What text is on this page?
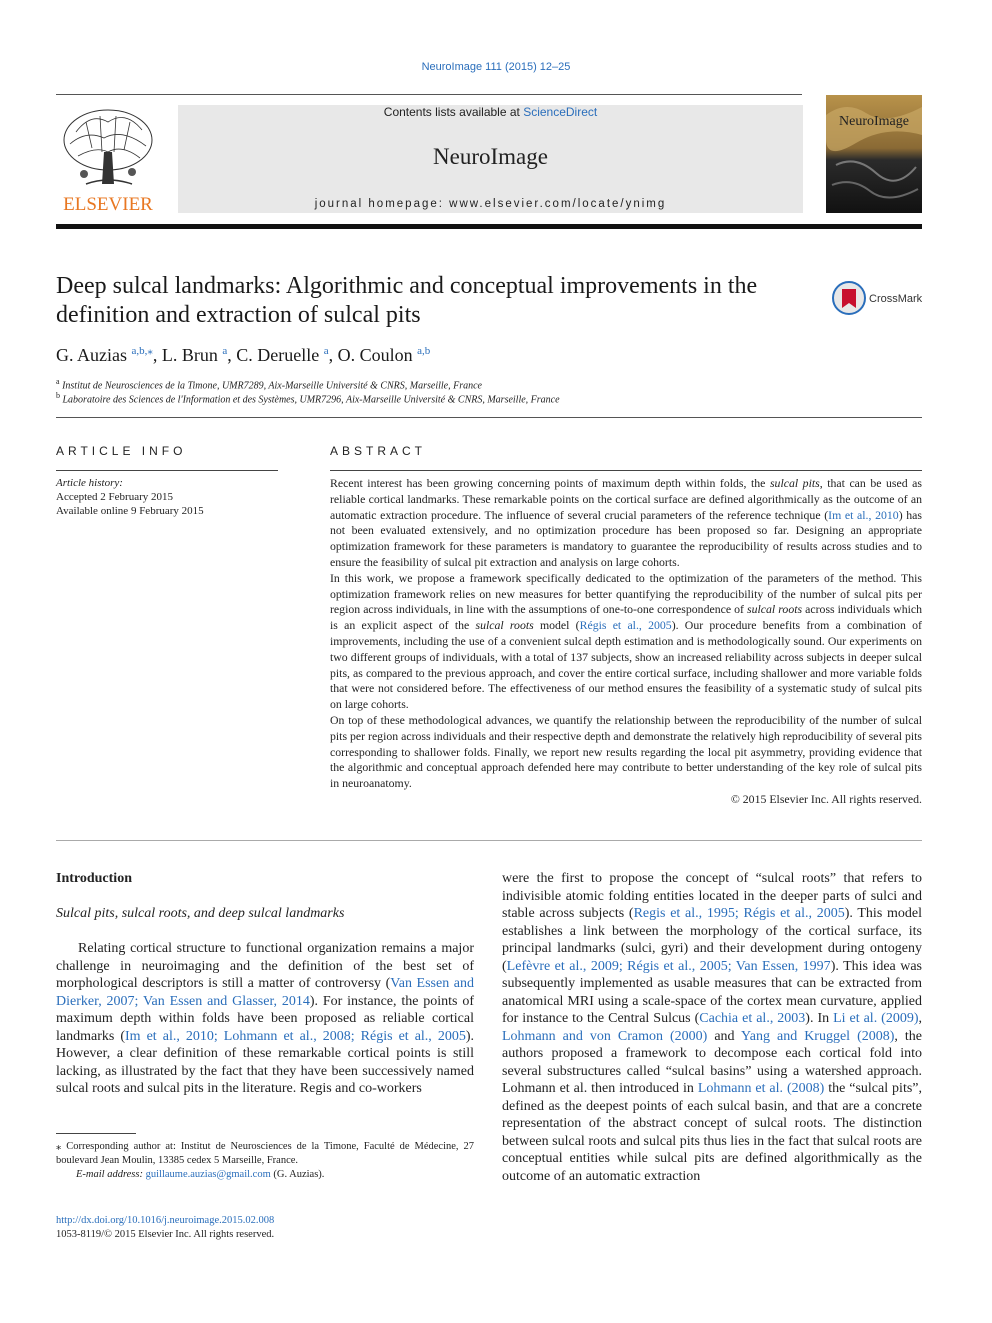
NeuroImage 111 (2015) 12–25
ELSEVIER
Contents lists available at ScienceDirect
NeuroImage
journal homepage: www.elsevier.com/locate/ynimg
NeuroImage
Deep sulcal landmarks: Algorithmic and conceptual improvements in the definition and extraction of sulcal pits
CrossMark
G. Auzias $^{a,b,⁎}$, L. Brun $^a$, C. Deruelle $^a$, O. Coulon $^{a,b}$
$^a$ Institut de Neurosciences de la Timone, UMR7289, Aix-Marseille Université & CNRS, Marseille, France
$^b$ Laboratoire des Sciences de l'Information et des Systèmes, UMR7296, Aix-Marseille Université & CNRS, Marseille, France
ARTICLE INFO	ABSTRACT
Article history:
Accepted 2 February 2015
Available online 9 February 2015

Recent interest has been growing concerning points of maximum depth within folds, the sulcal pits, that can be used as reliable cortical landmarks. These remarkable points on the cortical surface are defined algorithmically as the outcome of an automatic extraction procedure. The influence of several crucial parameters of the reference technique (Im et al., 2010) has not been evaluated extensively, and no optimization procedure has been proposed so far. Designing an appropriate optimization framework for these parameters is mandatory to guarantee the reproducibility of results across studies and to ensure the feasibility of sulcal pit extraction and analysis on large cohorts.

In this work, we propose a framework specifically dedicated to the optimization of the parameters of the method. This optimization framework relies on new measures for better quantifying the reproducibility of the number of sulcal pits per region across individuals, in line with the assumptions of one-to-one correspondence of sulcal roots across individuals which is an explicit aspect of the sulcal roots model (Régis et al., 2005). Our procedure benefits from a combination of improvements, including the use of a convenient sulcal depth estimation and is methodologically sound. Our experiments on two different groups of individuals, with a total of 137 subjects, show an increased reliability across subjects in deeper sulcal pits, as compared to the previous approach, and cover the entire cortical surface, including shallower and more variable folds that were not considered before. The effectiveness of our method ensures the feasibility of a systematic study of sulcal pits on large cohorts.

On top of these methodological advances, we quantify the relationship between the reproducibility of the number of sulcal pits per region across individuals and their respective depth and demonstrate the relatively high reproducibility of several pits corresponding to shallower folds. Finally, we report new results regarding the local pit asymmetry, providing evidence that the algorithmic and conceptual approach defended here may contribute to better understanding of the key role of sulcal pits in neuroanatomy.

© 2015 Elsevier Inc. All rights reserved.

Introduction

Sulcal pits, sulcal roots, and deep sulcal landmarks

Relating cortical structure to functional organization remains a major challenge in neuroimaging and the definition of the best set of morphological descriptors is still a matter of controversy (Van Essen and Dierker, 2007; Van Essen and Glasser, 2014). For instance, the points of maximum depth within folds have been proposed as reliable cortical landmarks (Im et al., 2010; Lohmann et al., 2008; Régis et al., 2005). However, a clear definition of these remarkable cortical points is still lacking, as illustrated by the fact that they have been successively named sulcal roots and sulcal pits in the literature. Regis and co-workers

were the first to propose the concept of “sulcal roots” that refers to indivisible atomic folding entities located in the deeper parts of sulci and stable across subjects (Regis et al., 1995; Régis et al., 2005). This model establishes a link between the morphology of the cortical surface, its principal landmarks (sulci, gyri) and their development during ontogeny (Lefèvre et al., 2009; Régis et al., 2005; Van Essen, 1997). This idea was subsequently implemented as usable measures that can be extracted from anatomical MRI using a scale-space of the cortex mean curvature, applied for instance to the Central Sulcus (Cachia et al., 2003). In Li et al. (2009), Lohmann and von Cramon (2000) and Yang and Kruggel (2008), the authors proposed a framework to decompose each cortical fold into several substructures called “sulcal basins” using a watershed approach. Lohmann et al. then introduced in Lohmann et al. (2008) the “sulcal pits”, defined as the deepest points of each sulcal basin, and that are a concrete representation of the abstract concept of sulcal roots. The distinction between sulcal roots and sulcal pits thus lies in the fact that sulcal roots are conceptual entities while sulcal pits are defined algorithmically as the outcome of an automatic extraction

⁎ Corresponding author at: Institut de Neurosciences de la Timone, Faculté de Médecine, 27 boulevard Jean Moulin, 13385 cedex 5 Marseille, France.
E-mail address: guillaume.auzias@gmail.com (G. Auzias).
http://dx.doi.org/10.1016/j.neuroimage.2015.02.008
1053-8119/© 2015 Elsevier Inc. All rights reserved.
